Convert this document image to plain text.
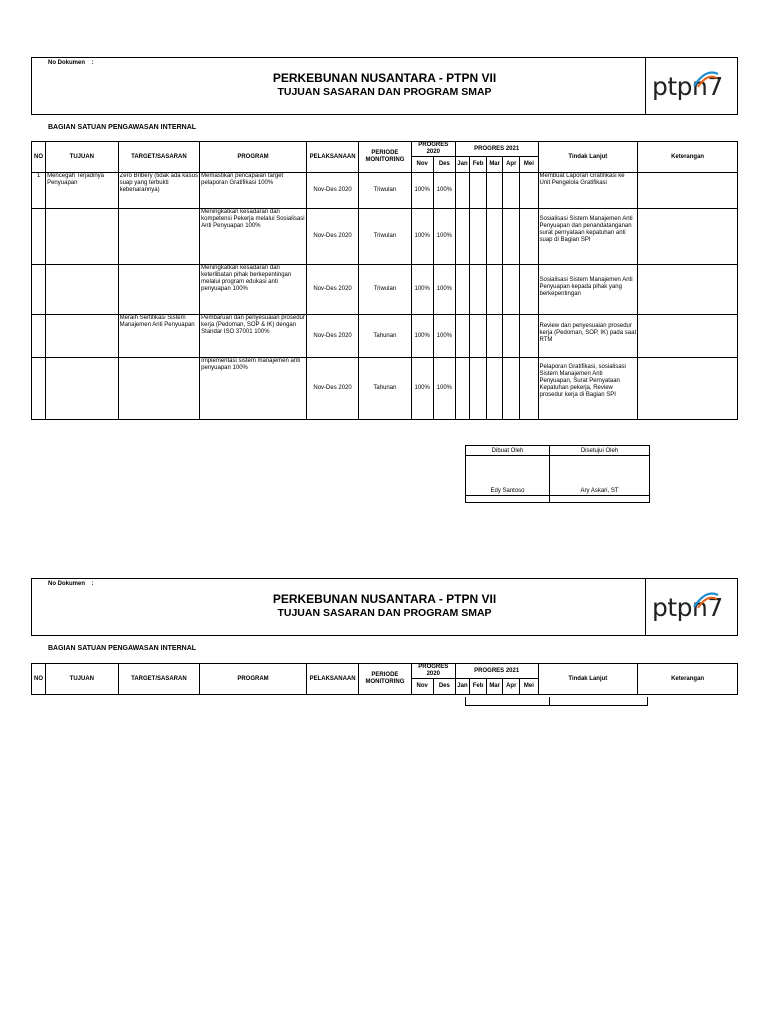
No Dokumen    :
PERKEBUNAN NUSANTARA - PTPN VII
TUJUAN SASARAN DAN PROGRAM SMAP	ptpn7
BAGIAN SATUAN PENGAWASAN INTERNAL
NO	TUJUAN	TARGET/SASARAN	PROGRAM	PELAKSANAAN	PERIODE MONITORING	PROGRES 2020		PROGRES 2021					Tindak Lanjut	Keterangan
						Nov	Des	Jan	Feb	Mar	Apr	Mei		
1	Mencegah Terjadinya Penyuapan	Zero Bribery (tidak ada kasus suap yang terbukti kebenarannya)	Memastikan pencapaian target pelaporan Gratifikasi 100%	Nov-Des 2020	Triwulan	100%	100%						Membuat Laporan Gratifikasi ke Unit Pengelola Gratifikasi	
			Meningkatkan kesadaran dan kompetensi Pekerja melalui Sosialisasi Anti Penyuapan 100%	Nov-Des 2020	Triwulan	100%	100%						Sosialisasi Sistem Manajemen Anti Penyuapan dan penandatanganan surat pernyataan kepatuhan anti suap di Bagian SPI	
			Meningkatkan kesadaran dan keterlibatan pihak berkepentingan melalui program edukasi anti penyuapan 100%	Nov-Des 2020	Triwulan	100%	100%						Sosialisasi Sistem Manajemen Anti Penyuapan kepada pihak yang berkepentingan	
		Meraih Sertifikasi Sistem Manajemen Anti Penyuapan	Pembaruan dan penyesuaian prosedur kerja (Pedoman, SOP & IK) dengan Standar ISO 37001 100%	Nov-Des 2020	Tahunan	100%	100%						Review dan penyesuaian prosedur kerja (Pedoman, SOP, IK) pada saat RTM	
			Implementasi sistem manajemen anti penyuapan 100%	Nov-Des 2020	Tahunan	100%	100%						Pelaporan Gratifikasi, sosialisasi Sistem Manajemen Anti Penyuapan, Surat Pernyataan Kepatuhan pekerja, Review prosedur kerja di Bagian SPI	
Dibuat Oleh	Disetujui Oleh
Edy Santoso	Ary Askari, ST

No Dokumen    :
PERKEBUNAN NUSANTARA - PTPN VII
TUJUAN SASARAN DAN PROGRAM SMAP	ptpn7
BAGIAN SATUAN PENGAWASAN INTERNAL
NO	TUJUAN	TARGET/SASARAN	PROGRAM	PELAKSANAAN	PERIODE MONITORING	PROGRES 2020		PROGRES 2021					Tindak Lanjut	Keterangan
						Nov	Des	Jan	Feb	Mar	Apr	Mei		
